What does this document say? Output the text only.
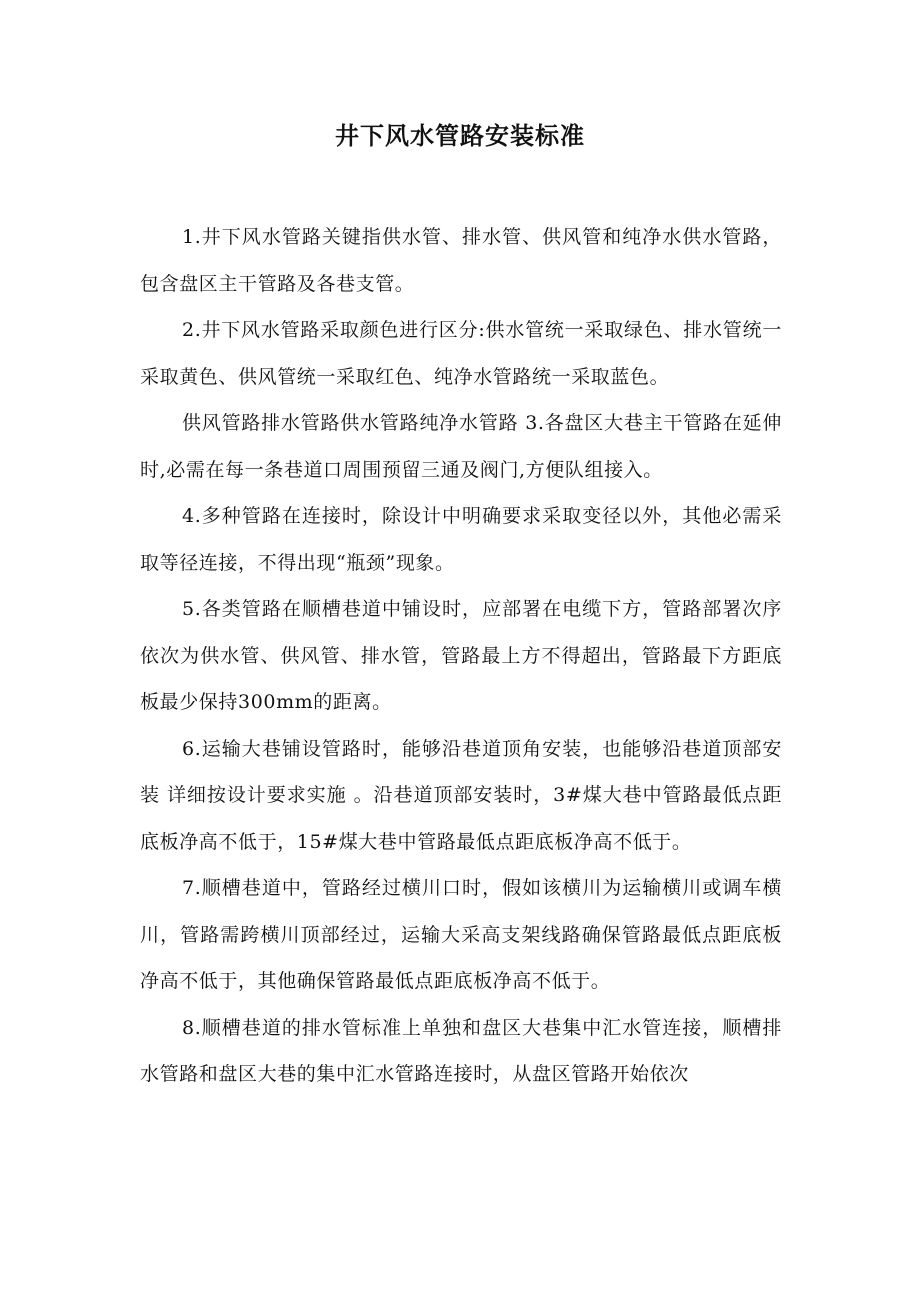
井下风水管路安装标准

1.井下风水管路关键指供水管、排水管、供风管和纯净水供水管路，包含盘区主干管路及各巷支管。

2.井下风水管路采取颜色进行区分:供水管统一采取绿色、排水管统一采取黄色、供风管统一采取红色、纯净水管路统一采取蓝色。

供风管路排水管路供水管路纯净水管路 3.各盘区大巷主干管路在延伸时,必需在每一条巷道口周围预留三通及阀门,方便队组接入。

4.多种管路在连接时，除设计中明确要求采取变径以外，其他必需采取等径连接，不得出现“瓶颈”现象。

5.各类管路在顺槽巷道中铺设时，应部署在电缆下方，管路部署次序依次为供水管、供风管、排水管，管路最上方不得超出，管路最下方距底板最少保持300mm的距离。

6.运输大巷铺设管路时，能够沿巷道顶角安装，也能够沿巷道顶部安装 详细按设计要求实施 。沿巷道顶部安装时，3#煤大巷中管路最低点距底板净高不低于，15#煤大巷中管路最低点距底板净高不低于。

7.顺槽巷道中，管路经过横川口时，假如该横川为运输横川或调车横川，管路需跨横川顶部经过，运输大采高支架线路确保管路最低点距底板净高不低于，其他确保管路最低点距底板净高不低于。

8.顺槽巷道的排水管标准上单独和盘区大巷集中汇水管连接，顺槽排水管路和盘区大巷的集中汇水管路连接时，从盘区管路开始依次
